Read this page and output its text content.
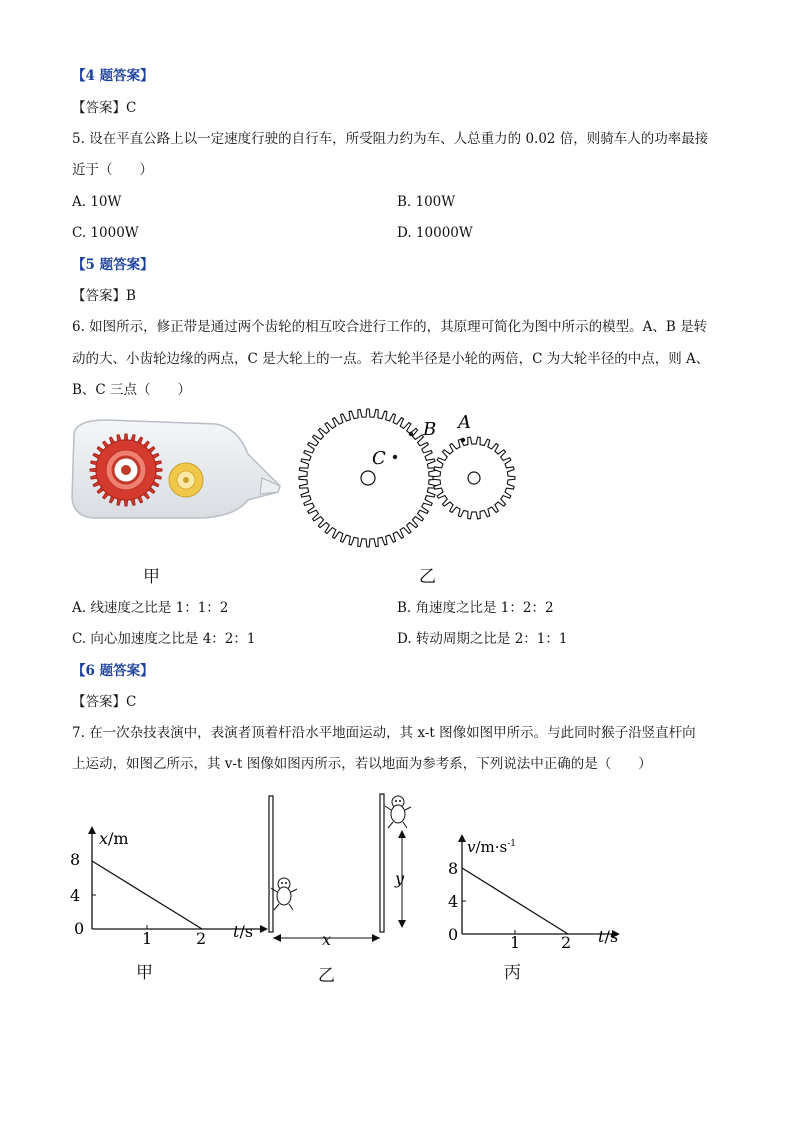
【4 题答案】
【答案】C
5. 设在平直公路上以一定速度行驶的自行车，所受阻力约为车、人总重力的 0.02 倍，则骑车人的功率最接
近于（　　）
A. 10W	B. 100W
C. 1000W	D. 10000W
【5 题答案】
【答案】B
6. 如图所示，修正带是通过两个齿轮的相互咬合进行工作的，其原理可简化为图中所示的模型。A、B 是转
动的大、小齿轮边缘的两点，C 是大轮上的一点。若大轮半径是小轮的两倍，C 为大轮半径的中点，则 A、
B、C 三点（　　）
甲
C
B A
乙
A. 线速度之比是 1：1：2	B. 角速度之比是 1：2：2
C. 向心加速度之比是 4：2：1	D. 转动周期之比是 2：1：1
【6 题答案】
【答案】C
7. 在一次杂技表演中，表演者顶着杆沿水平地面运动，其 x-t 图像如图甲所示。与此同时猴子沿竖直杆向
上运动，如图乙所示，其 v-t 图像如图丙所示，若以地面为参考系，下列说法中正确的是（　　）
x/m
8
4
0
1	2 t/s
甲
y
x
乙
$v/m\cdot s^{-1}$
8
4
0	1	2 t/s
丙
